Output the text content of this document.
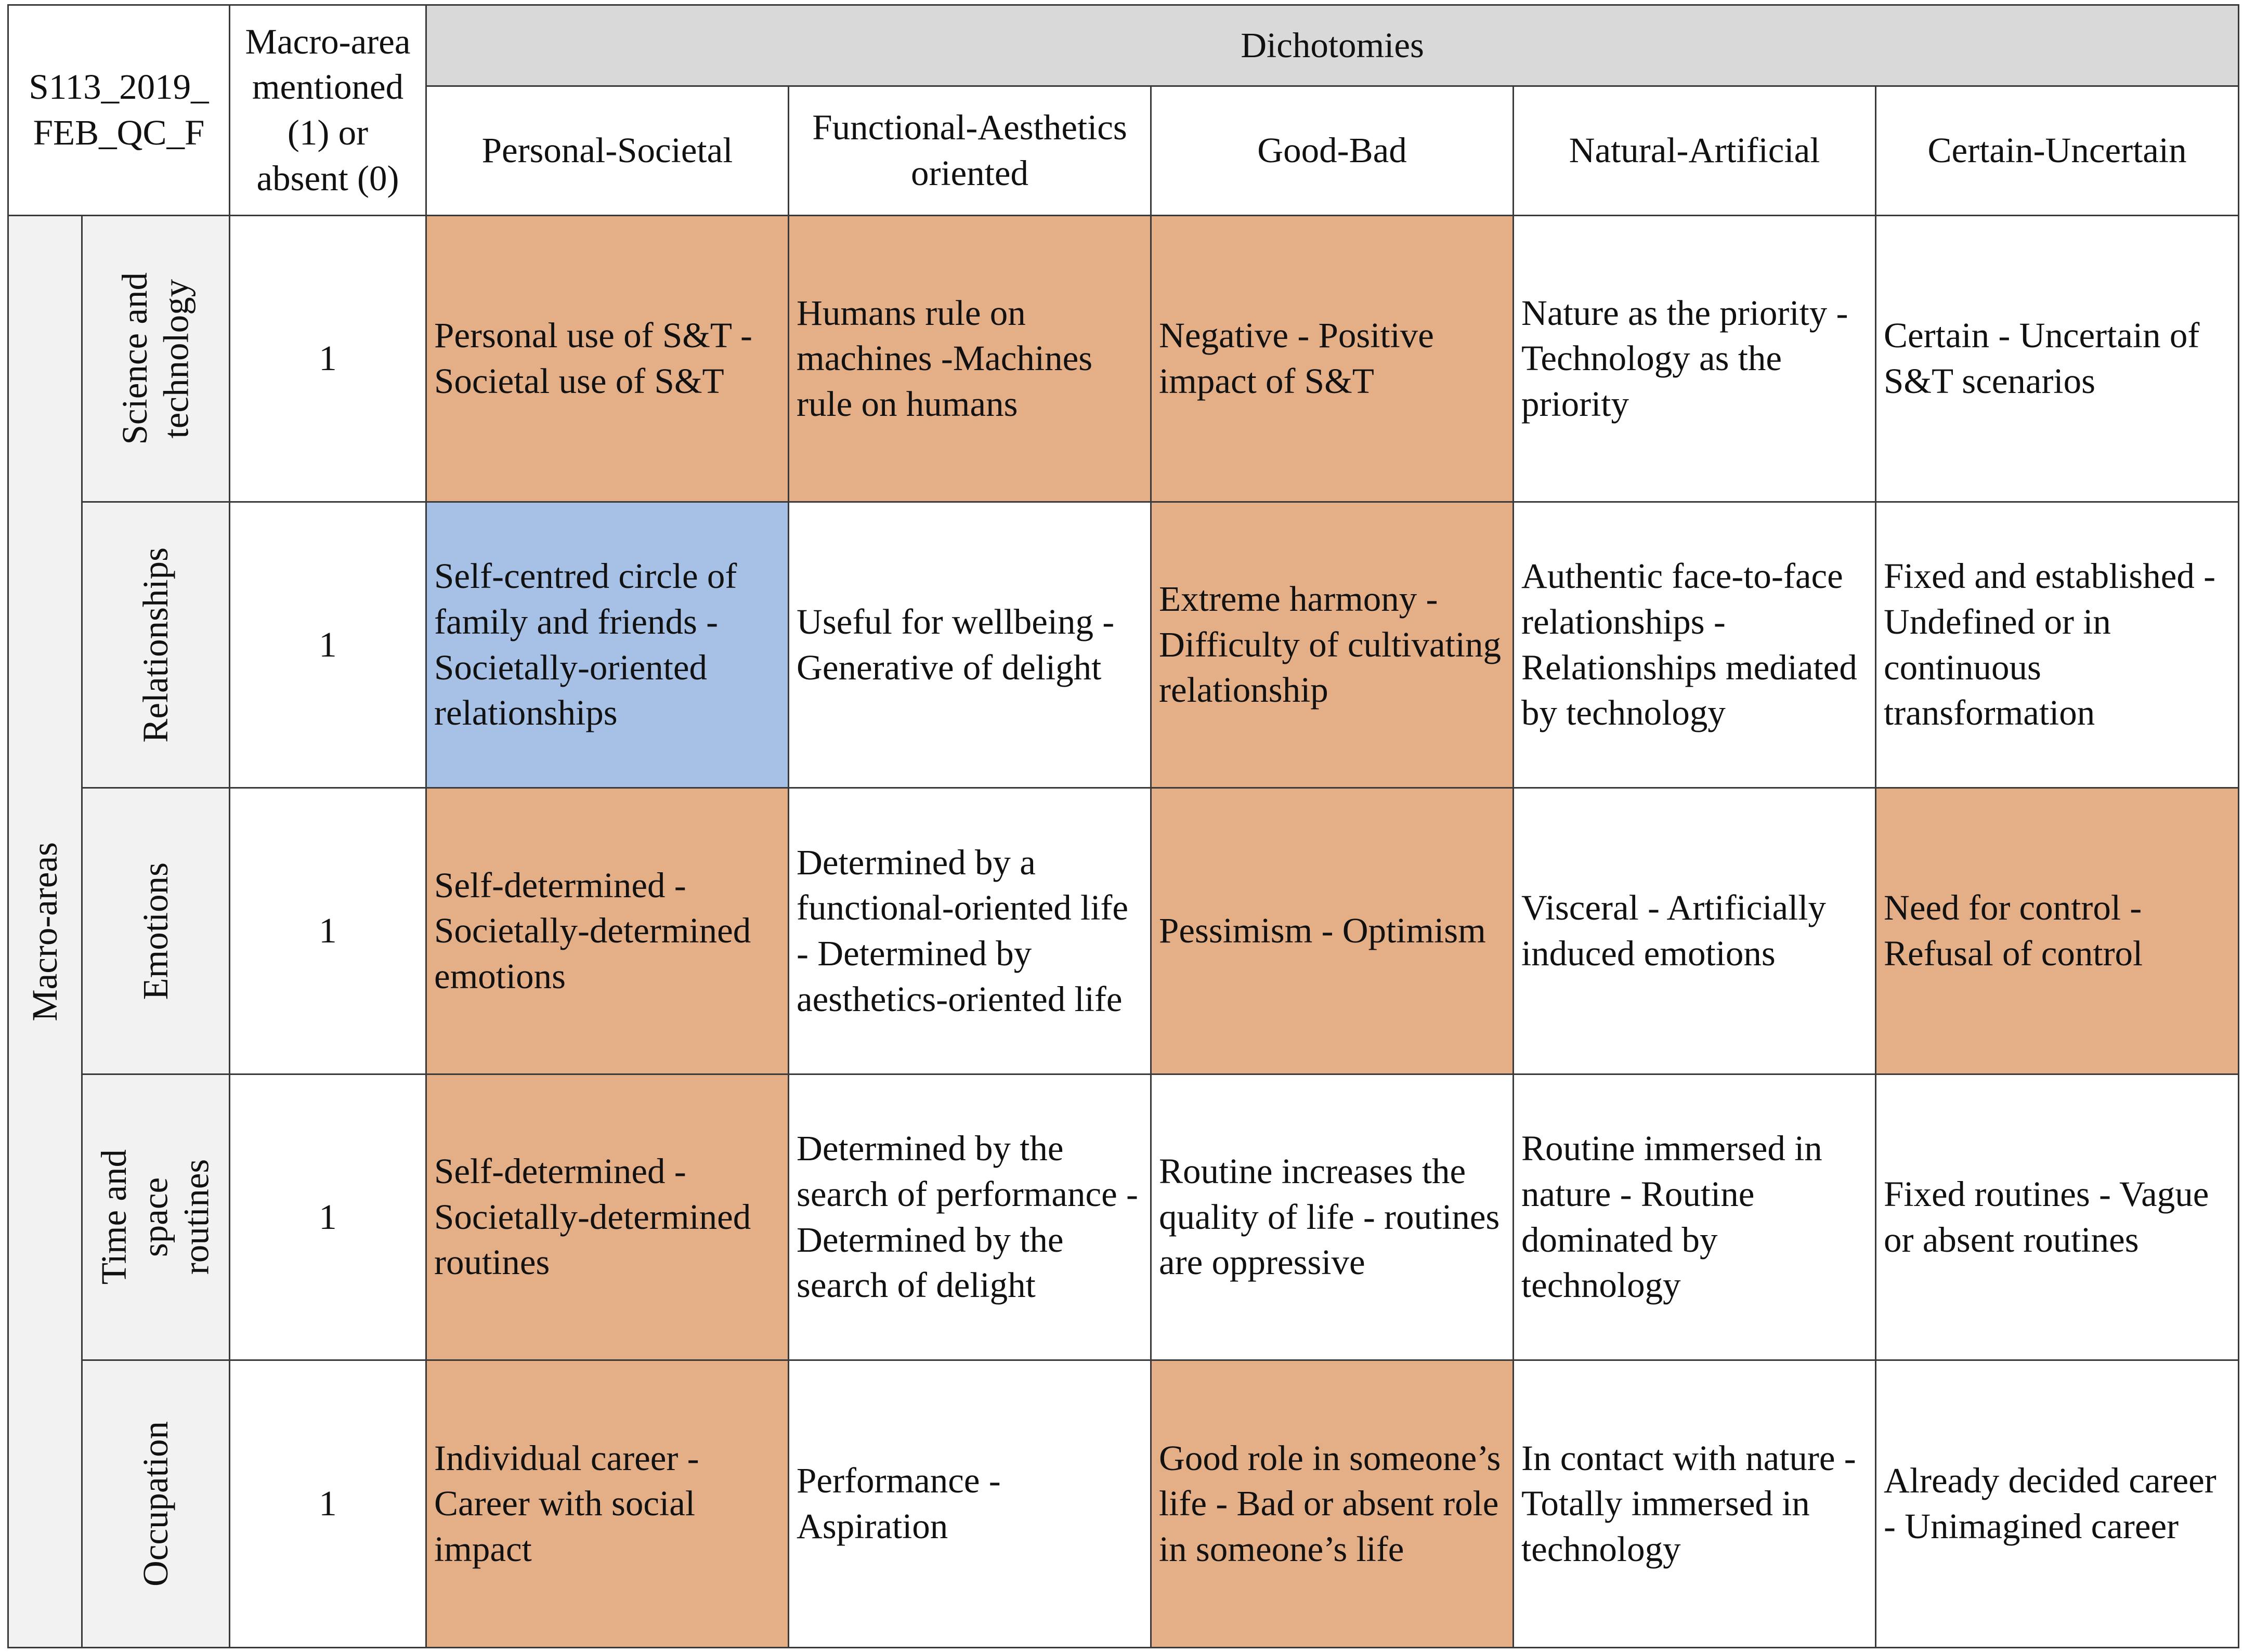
S113_2019_
FEB_QC_F		Macro-area
mentioned
(1) or
absent (0)	Dichotomies				
			Personal-Societal	Functional-Aesthetics
oriented	Good-Bad	Natural-Artificial	Certain-Uncertain

Macro-areas	Science and
technology	1	Personal use of S&T - Societal use of S&T	Humans rule on machines -Machines rule on humans	Negative - Positive impact of S&T	Nature as the priority - Technology as the priority	Certain - Uncertain of S&T scenarios

	Relationships	1	Self-centred circle of family and friends - Societally-oriented relationships	Useful for wellbeing - Generative of delight	Extreme harmony - Difficulty of cultivating relationship	Authentic face-to-face relationships - Relationships mediated by technology	Fixed and established - Undefined or in continuous transformation

	Emotions	1	Self-determined - Societally-determined emotions	Determined by a functional-oriented life - Determined by aesthetics-oriented life	Pessimism - Optimism	Visceral - Artificially induced emotions	Need for control - Refusal of control

	Time and
space
routines	1	Self-determined - Societally-determined routines	Determined by the search of performance - Determined by the search of delight	Routine increases the quality of life - routines are oppressive	Routine immersed in nature - Routine dominated by technology	Fixed routines - Vague or absent routines

	Occupation	1	Individual career - Career with social impact	Performance - Aspiration	Good role in someone’s life - Bad or absent role in someone’s life	In contact with nature - Totally immersed in technology	Already decided career - Unimagined career
